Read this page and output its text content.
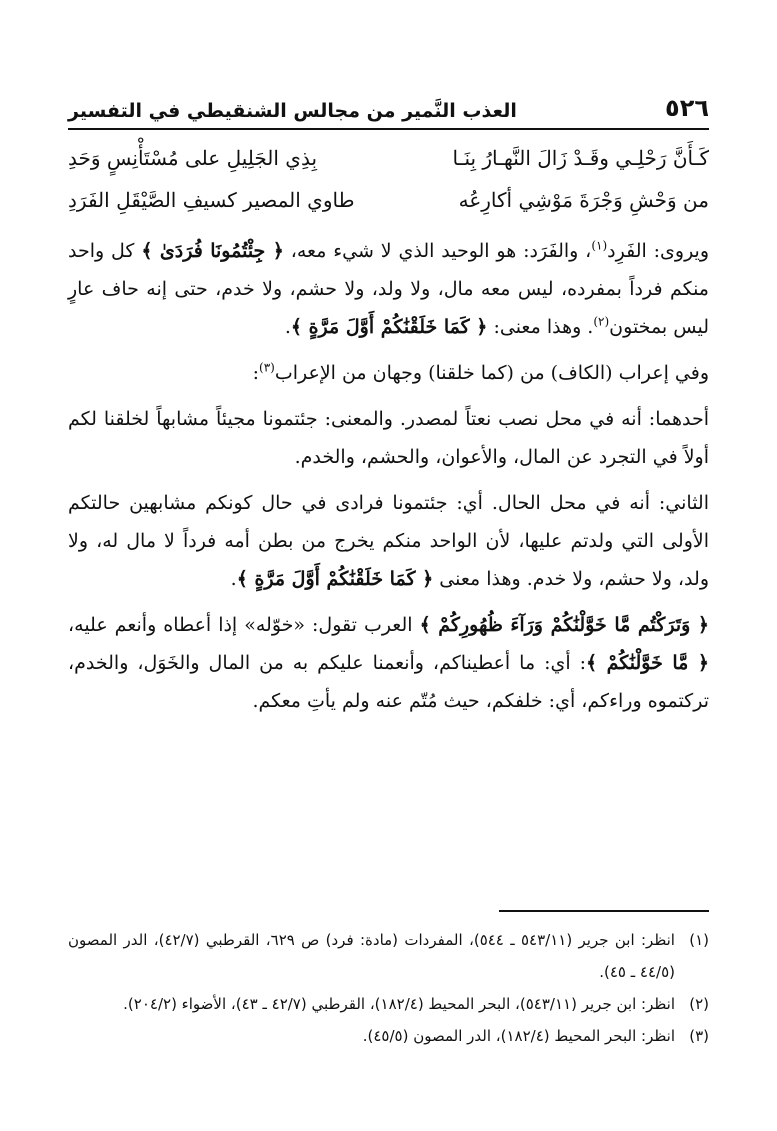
٥٢٦
العذب النَّمير من مجالس الشنقيطي في التفسير
كَـأَنَّ رَحْلِـي وقَـدْ زَالَ النَّهـارُ بِنَـا
بِذِي الجَلِيلِ على مُسْتَأْنِسٍ وَحَدِ
من وَحْشِ وَجْرَةَ مَوْشِي أكارِعُه
طاوي المصير كسيفِ الصَّيْقَلِ الفَرَدِ

ويروى: الفَرِد$^{(١)}$، والفَرَد: هو الوحيد الذي لا شيء معه، ﴿ جِئْتُمُونَا فُرَدَىٰ ﴾ كل واحد منكم فرداً بمفرده، ليس معه مال، ولا ولد، ولا حشم، ولا خدم، حتى إنه حاف عارٍ ليس بمختون$^{(٢)}$. وهذا معنى: ﴿ كَمَا خَلَقْنَٰكُمْ أَوَّلَ مَرَّةٍ ﴾.

وفي إعراب (الكاف) من (كما خلقنا) وجهان من الإعراب$^{(٣)}$:

أحدهما: أنه في محل نصب نعتاً لمصدر. والمعنى: جئتمونا مجيئاً مشابهاً لخلقنا لكم أولاً في التجرد عن المال، والأعوان، والحشم، والخدم.

الثاني: أنه في محل الحال. أي: جئتمونا فرادى في حال كونكم مشابهين حالتكم الأولى التي ولدتم عليها، لأن الواحد منكم يخرج من بطن أمه فرداً لا مال له، ولا ولد، ولا حشم، ولا خدم. وهذا معنى ﴿ كَمَا خَلَقْنَٰكُمْ أَوَّلَ مَرَّةٍ ﴾.

﴿ وَتَرَكْتُم مَّا خَوَّلْنَٰكُمْ وَرَآءَ ظُهُورِكُمْ ﴾ العرب تقول: «خوّله» إذا أعطاه وأنعم عليه، ﴿ مَّا خَوَّلْنَٰكُمْ ﴾: أي: ما أعطيناكم، وأنعمنا عليكم به من المال والخَوَل، والخدم، تركتموه وراءكم، أي: خلفكم، حيث مُتّم عنه ولم يأتِ معكم.

(١)
انظر: ابن جرير (٥٤٣/١١ ـ ٥٤٤)، المفردات (مادة: فرد) ص ٦٢٩، القرطبي (٤٢/٧)، الدر المصون (٤٤/٥ ـ ٤٥).
(٢)
انظر: ابن جرير (٥٤٣/١١)، البحر المحيط (١٨٢/٤)، القرطبي (٤٢/٧ ـ ٤٣)، الأضواء (٢٠٤/٢).
(٣)
انظر: البحر المحيط (١٨٢/٤)، الدر المصون (٤٥/٥).
